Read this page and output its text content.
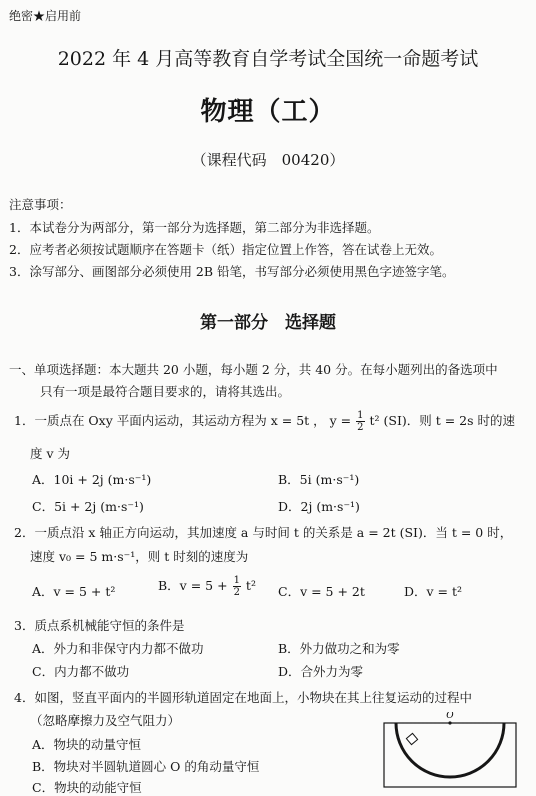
绝密★启用前
2022 年 4 月高等教育自学考试全国统一命题考试
物理（工）
（课程代码　00420）
注意事项：
1．本试卷分为两部分，第一部分为选择题，第二部分为非选择题。
2．应考者必须按试题顺序在答题卡（纸）指定位置上作答，答在试卷上无效。
3．涂写部分、画图部分必须使用 2B 铅笔，书写部分必须使用黑色字迹签字笔。
第一部分　选择题
一、单项选择题：本大题共 20 小题，每小题 2 分，共 40 分。在每小题列出的备选项中
只有一项是最符合题目要求的，请将其选出。
1．一质点在 Oxy 平面内运动，其运动方程为 x = 5t ， $y = \frac{1}{2} t^2$ (SI)．则 t = 2s 时的速
度 v 为
A．10i + 2j (m·s⁻¹)	B．5i (m·s⁻¹)
C．5i + 2j (m·s⁻¹)	D．2j (m·s⁻¹)
2．一质点沿 x 轴正方向运动，其加速度 a 与时间 t 的关系是 a = 2t (SI)．当 t = 0 时，
速度 v₀ = 5 m·s⁻¹，则 t 时刻的速度为
A．v = 5 + t²	B．$v = 5 + \frac{1}{2} t^2$ C．v = 5 + 2t	D．v = t²
3．质点系机械能守恒的条件是
A．外力和非保守内力都不做功	B．外力做功之和为零
C．内力都不做功	D．合外力为零
4．如图，竖直平面内的半圆形轨道固定在地面上，小物块在其上往复运动的过程中
（忽略摩擦力及空气阻力）
A．物块的动量守恒
B．物块对半圆轨道圆心 O 的角动量守恒
C．物块的动能守恒
O
